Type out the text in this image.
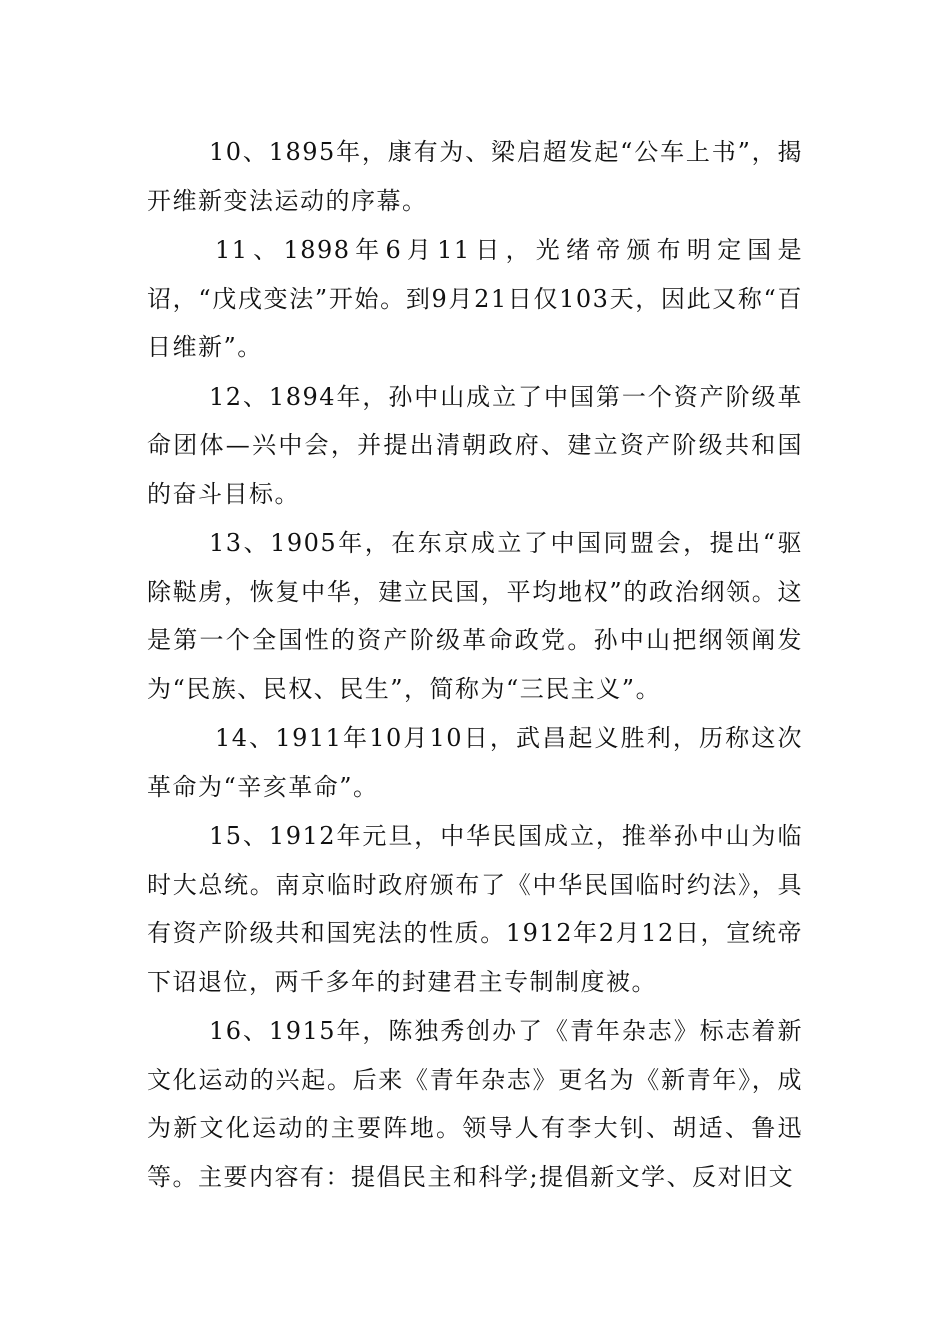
10、1895年，康有为、梁启超发起“公车上书”，揭开维新变法运动的序幕。

11、1898年6月11日，光绪帝颁布明定国是诏，“戊戌变法”开始。到9月21日仅103天，因此又称“百日维新”。

12、1894年，孙中山成立了中国第一个资产阶级革命团体—兴中会，并提出清朝政府、建立资产阶级共和国的奋斗目标。

13、1905年，在东京成立了中国同盟会，提出“驱除鞑虏，恢复中华，建立民国，平均地权”的政治纲领。这是第一个全国性的资产阶级革命政党。孙中山把纲领阐发为“民族、民权、民生”，简称为“三民主义”。

14、1911年10月10日，武昌起义胜利，历称这次革命为“辛亥革命”。

15、1912年元旦，中华民国成立，推举孙中山为临时大总统。南京临时政府颁布了《中华民国临时约法》，具有资产阶级共和国宪法的性质。1912年2月12日，宣统帝下诏退位，两千多年的封建君主专制制度被。

16、1915年，陈独秀创办了《青年杂志》标志着新文化运动的兴起。后来《青年杂志》更名为《新青年》，成为新文化运动的主要阵地。领导人有李大钊、胡适、鲁迅等。主要内容有：提倡民主和科学;提倡新文学、反对旧文
